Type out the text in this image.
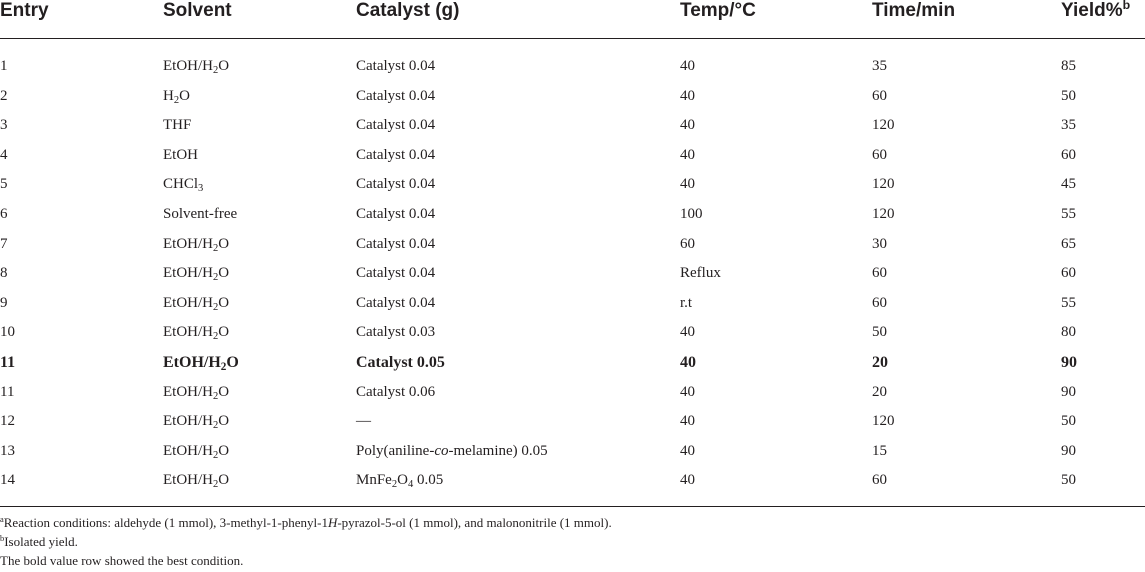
Entry	Solvent	Catalyst (g)	Temp/°C	Time/min	Yield%$^b$
1	EtOH/$H_2O$	Catalyst 0.04	40	35	85
2	$H_2O$	Catalyst 0.04	40	60	50
3	THF	Catalyst 0.04	40	120	35
4	EtOH	Catalyst 0.04	40	60	60
5	CHCl$_3$	Catalyst 0.04	40	120	45
6	Solvent-free	Catalyst 0.04	100	120	55
7	EtOH/$H_2O$	Catalyst 0.04	60	30	65
8	EtOH/$H_2O$	Catalyst 0.04	Reflux	60	60
9	EtOH/$H_2O$	Catalyst 0.04	r.t	60	55
10	EtOH/$H_2O$	Catalyst 0.03	40	50	80
11	EtOH/$H_2O$	Catalyst 0.05	40	20	90
11	EtOH/$H_2O$	Catalyst 0.06	40	20	90
12	EtOH/$H_2O$	—	40	120	50
13	EtOH/$H_2O$	Poly(aniline-co-melamine) 0.05	40	15	90
14	EtOH/$H_2O$	$MnFe_2O_4$ 0.05	40	60	50
$^a$Reaction conditions: aldehyde (1 mmol), 3-methyl-1-phenyl-1H-pyrazol-5-ol (1 mmol), and malononitrile (1 mmol).
$^b$Isolated yield.
The bold value row showed the best condition.
